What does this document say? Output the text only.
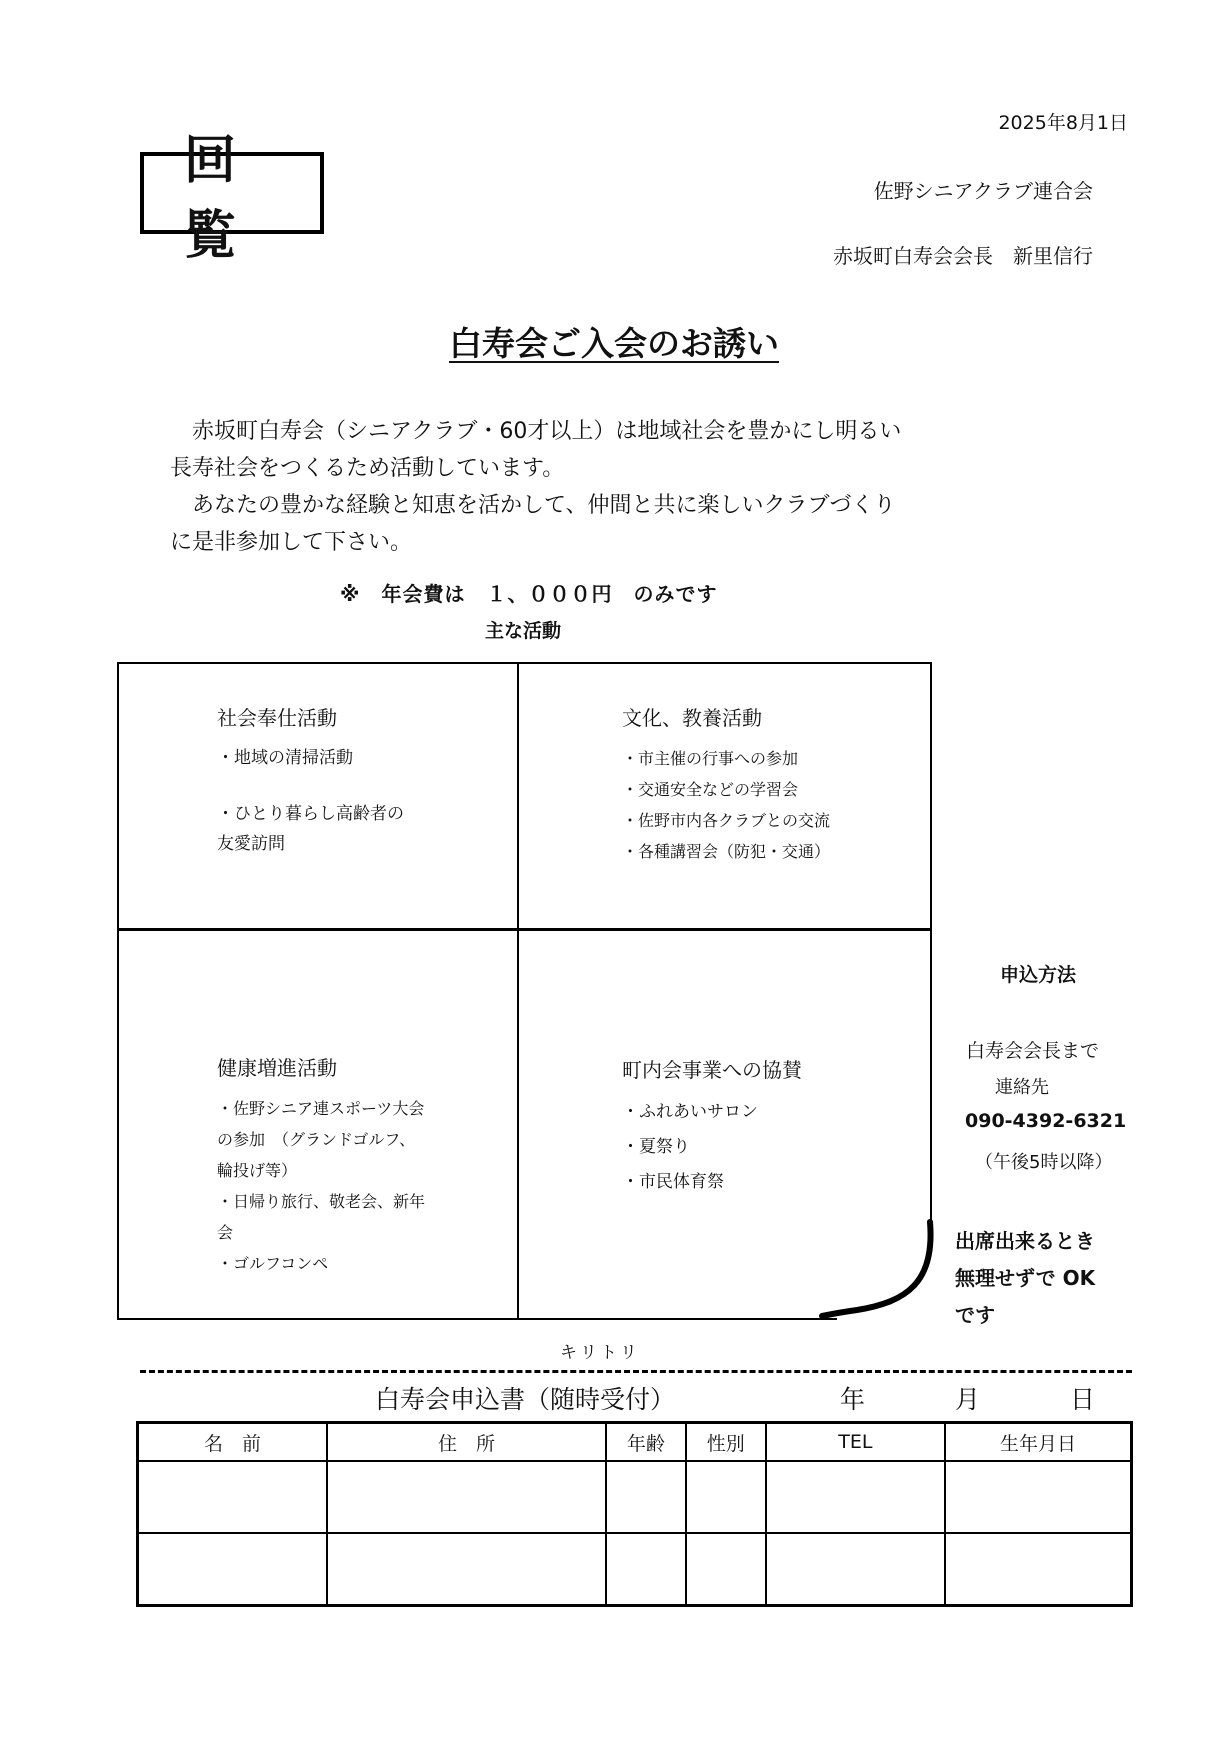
2025年8月1日
回覧
佐野シニアクラブ連合会
赤坂町白寿会会長　新里信行
白寿会ご入会のお誘い

赤坂町白寿会（シニアクラブ・60才以上）は地域社会を豊かにし明るい

長寿社会をつくるため活動しています。

あなたの豊かな経験と知恵を活かして、仲間と共に楽しいクラブづくり

に是非参加して下さい。

※　年会費は　１、０００円　のみです
主な活動
社会奉仕活動
・地域の清掃活動
・ひとり暮らし高齢者の
友愛訪問
文化、教養活動
・市主催の行事への参加
・交通安全などの学習会
・佐野市内各クラブとの交流
・各種講習会（防犯・交通）
健康増進活動
・佐野シニア連スポーツ大会
の参加　（グランドゴルフ、
輪投げ等）
・日帰り旅行、敬老会、新年
会
・ゴルフコンペ
町内会事業への協賛
・ふれあいサロン
・夏祭り
・市民体育祭
申込方法
白寿会会長まで
連絡先
090-4392-6321
（午後5時以降）
出席出来るとき
無理せずで OK
です
キリトリ
白寿会申込書（随時受付）	年	月	日
名　前	住　所	年齢	性別	TEL	生年月日
